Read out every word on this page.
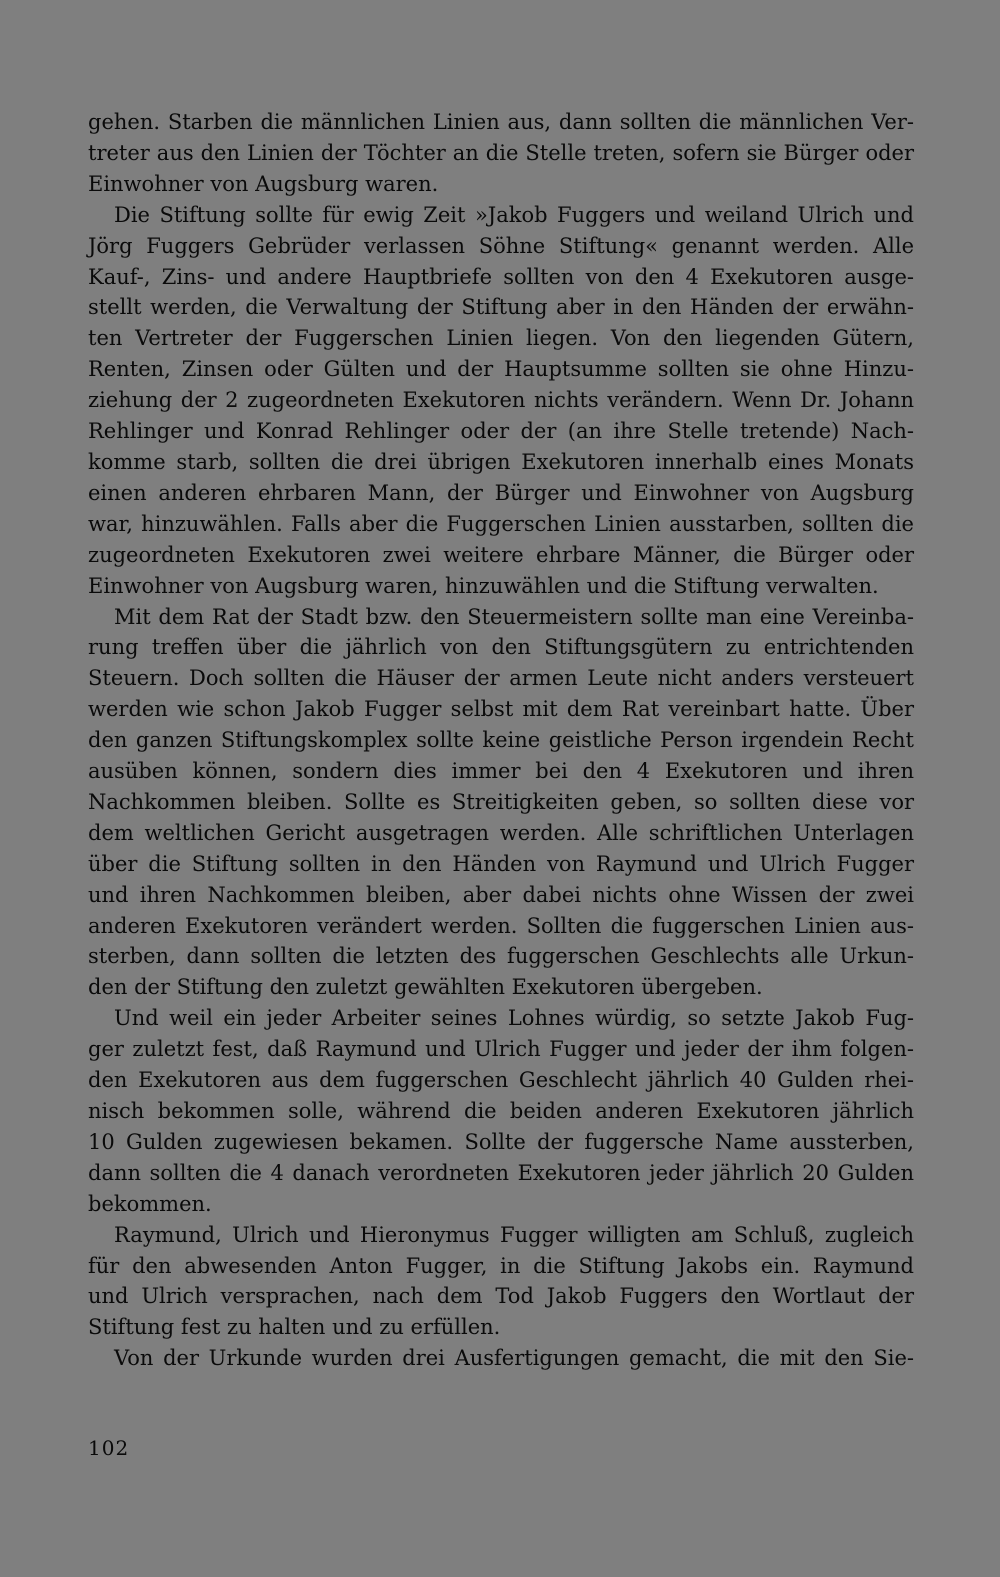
gehen. Starben die männlichen Linien aus, dann sollten die männlichen Ver-
treter aus den Linien der Töchter an die Stelle treten, sofern sie Bürger oder
Einwohner von Augsburg waren.
Die Stiftung sollte für ewig Zeit »Jakob Fuggers und weiland Ulrich und
Jörg Fuggers Gebrüder verlassen Söhne Stiftung« genannt werden. Alle
Kauf-, Zins- und andere Hauptbriefe sollten von den 4 Exekutoren ausge-
stellt werden, die Verwaltung der Stiftung aber in den Händen der erwähn-
ten Vertreter der Fuggerschen Linien liegen. Von den liegenden Gütern,
Renten, Zinsen oder Gülten und der Hauptsumme sollten sie ohne Hinzu-
ziehung der 2 zugeordneten Exekutoren nichts verändern. Wenn Dr. Johann
Rehlinger und Konrad Rehlinger oder der (an ihre Stelle tretende) Nach-
komme starb, sollten die drei übrigen Exekutoren innerhalb eines Monats
einen anderen ehrbaren Mann, der Bürger und Einwohner von Augsburg
war, hinzuwählen. Falls aber die Fuggerschen Linien ausstarben, sollten die
zugeordneten Exekutoren zwei weitere ehrbare Männer, die Bürger oder
Einwohner von Augsburg waren, hinzuwählen und die Stiftung verwalten.
Mit dem Rat der Stadt bzw. den Steuermeistern sollte man eine Vereinba-
rung treffen über die jährlich von den Stiftungsgütern zu entrichtenden
Steuern. Doch sollten die Häuser der armen Leute nicht anders versteuert
werden wie schon Jakob Fugger selbst mit dem Rat vereinbart hatte. Über
den ganzen Stiftungskomplex sollte keine geistliche Person irgendein Recht
ausüben können, sondern dies immer bei den 4 Exekutoren und ihren
Nachkommen bleiben. Sollte es Streitigkeiten geben, so sollten diese vor
dem weltlichen Gericht ausgetragen werden. Alle schriftlichen Unterlagen
über die Stiftung sollten in den Händen von Raymund und Ulrich Fugger
und ihren Nachkommen bleiben, aber dabei nichts ohne Wissen der zwei
anderen Exekutoren verändert werden. Sollten die fuggerschen Linien aus-
sterben, dann sollten die letzten des fuggerschen Geschlechts alle Urkun-
den der Stiftung den zuletzt gewählten Exekutoren übergeben.
Und weil ein jeder Arbeiter seines Lohnes würdig, so setzte Jakob Fug-
ger zuletzt fest, daß Raymund und Ulrich Fugger und jeder der ihm folgen-
den Exekutoren aus dem fuggerschen Geschlecht jährlich 40 Gulden rhei-
nisch bekommen solle, während die beiden anderen Exekutoren jährlich
10 Gulden zugewiesen bekamen. Sollte der fuggersche Name aussterben,
dann sollten die 4 danach verordneten Exekutoren jeder jährlich 20 Gulden
bekommen.
Raymund, Ulrich und Hieronymus Fugger willigten am Schluß, zugleich
für den abwesenden Anton Fugger, in die Stiftung Jakobs ein. Raymund
und Ulrich versprachen, nach dem Tod Jakob Fuggers den Wortlaut der
Stiftung fest zu halten und zu erfüllen.
Von der Urkunde wurden drei Ausfertigungen gemacht, die mit den Sie-
102
